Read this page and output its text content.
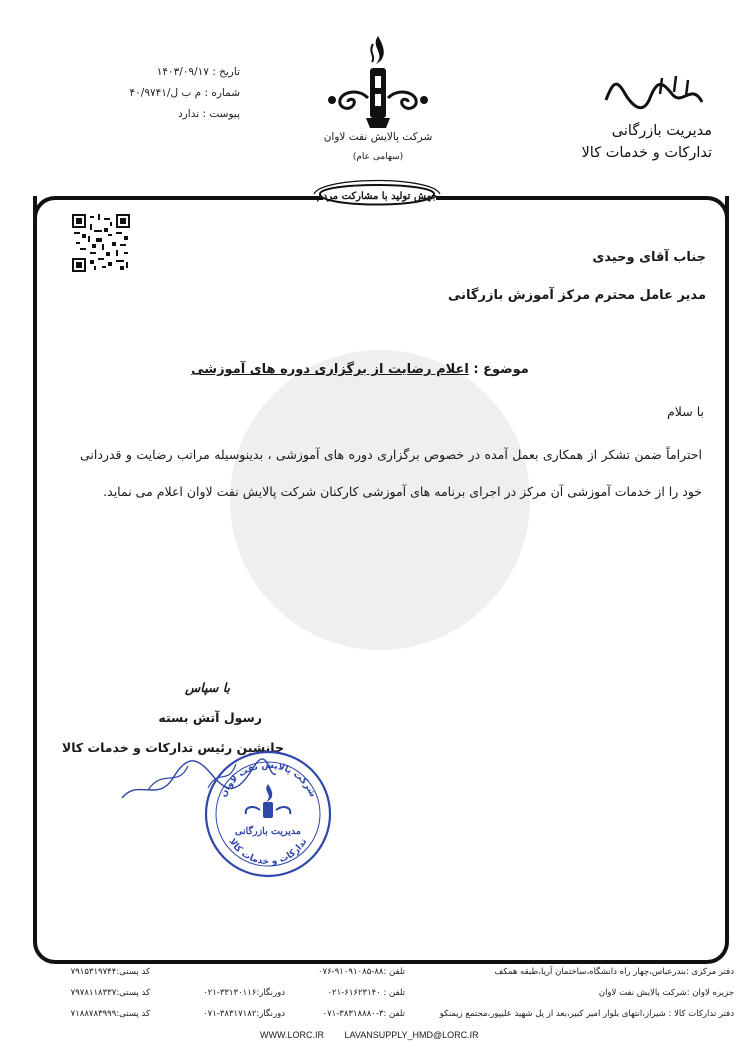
تاریخ : ۱۴۰۳/۰۹/۱۷
شماره : م ب ل/۴۰/۹۷۴۱
پیوست : ندارد
مدیریت بازرگانی
تدارکات و خدمات کالا
شرکت پالایش نفت لاوان
(سهامی عام)
جهش تولید با مشارکت مردم
جناب آقای وحیدی
مدیر عامل محترم مرکز آموزش بازرگانی
موضوع : اعلام رضایت از برگزاری دوره های آموزشی
با سلام
احتراماً ضمن تشکر از همکاری بعمل آمده در خصوص برگزاری دوره های آموزشی ، بدینوسیله مراتب رضایت و قدردانی خود را از خدمات آموزشی آن مرکز در اجرای برنامه های آموزشی کارکنان شرکت پالایش نفت لاوان اعلام می نماید.
با سپاس
رسول آتش بسته
جانشین رئیس تدارکات و خدمات کالا
شرکت پالایش نفت لاوان
تدارکات و خدمات کالا
مدیریت بازرگانی
دفتر مرکزی :بندرعباس،چهار راه دانشگاه،ساختمان آریا،طبقه همکف
تلفن :۸۸-۹۱۰۹۱۰۸۵-۰۷۶
کد پستی:۷۹۱۵۳۱۹۷۴۴
جزیره لاوان :شرکت پالایش نفت لاوان
تلفن : ۶۱۶۲۳۱۴۰-۰۲۱
دورنگار:۳۳۱۳۰۱۱۶-۰۲۱
کد پستی:۷۹۷۸۱۱۸۳۳۷
دفتر تدارکات کالا : شیراز،انتهای بلوار امیر کبیر،بعد از پل شهید علیپور،مجتمع زیمنکو
تلفن :۳-۳۸۳۱۸۸۸۰-۰۷۱
دورنگار:۳۸۳۱۷۱۸۲-۰۷۱
کد پستی:۷۱۸۸۷۸۳۹۹۹
WWW.LORC.IR LAVANSUPPLY_HMD@LORC.IR
